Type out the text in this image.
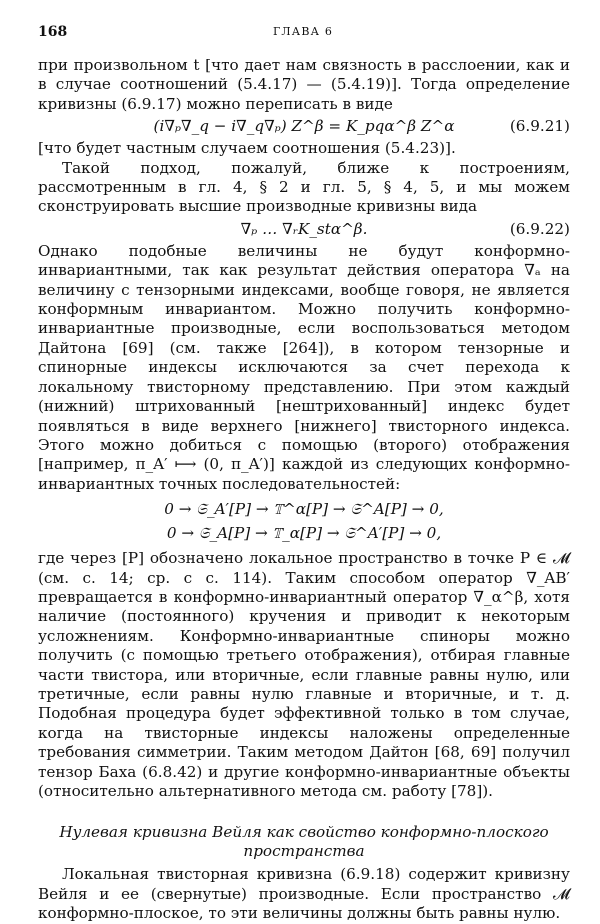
168	ГЛАВА 6

при произвольном t [что дает нам связность в расслоении, как и в случае соотношений (5.4.17) — (5.4.19)]. Тогда определение кривизны (6.9.17) можно переписать в виде

(i∇ₚ∇_q − i∇_q∇ₚ) Z^β = K_pqα^β Z^α	(6.9.21)

[что будет частным случаем соотношения (5.4.23)].

Такой подход, пожалуй, ближе к построениям, рассмотренным в гл. 4, § 2 и гл. 5, § 4, 5, и мы можем сконструировать высшие производные кривизны вида

∇ₚ … ∇ᵣK_stα^β.	(6.9.22)

Однако подобные величины не будут конформно-инвариантными, так как результат действия оператора ∇ₐ на величину с тензорными индексами, вообще говоря, не является конформным инвариантом. Можно получить конформно-инвариантные производные, если воспользоваться методом Дайтона [69] (см. также [264]), в котором тензорные и спинорные индексы исключаются за счет перехода к локальному твисторному представлению. При этом каждый (нижний) штрихованный [нештрихованный] индекс будет появляться в виде верхнего [нижнего] твисторного индекса. Этого можно добиться с помощью (второго) отображения [например, π_A′ ⟼ (0, π_A′)] каждой из следующих конформно-инвариантных точных последовательностей:

0 → 𝔖_A′[P] → 𝕋^α[P] → 𝔖^A[P] → 0,
0 → 𝔖_A[P] → 𝕋_α[P] → 𝔖^A′[P] → 0,

где через [P] обозначено локальное пространство в точке P ∈ 𝓜 (см. с. 14; ср. с с. 114). Таким способом оператор ∇_AB′ превращается в конформно-инвариантный оператор ∇_α^β, хотя наличие (постоянного) кручения и приводит к некоторым усложнениям. Конформно-инвариантные спиноры можно получить (с помощью третьего отображения), отбирая главные части твистора, или вторичные, если главные равны нулю, или третичные, если равны нулю главные и вторичные, и т. д. Подобная процедура будет эффективной только в том случае, когда на твисторные индексы наложены определенные требования симметрии. Таким методом Дайтон [68, 69] получил тензор Баха (6.8.42) и другие конформно-инвариантные объекты (относительно альтернативного метода см. работу [78]).

Нулевая кривизна Вейля как свойство конформно-плоского
пространства

Локальная твисторная кривизна (6.9.18) содержит кривизну Вейля и ее (свернутые) производные. Если пространство 𝓜 конформно-плоское, то эти величины должны быть равны нулю.
